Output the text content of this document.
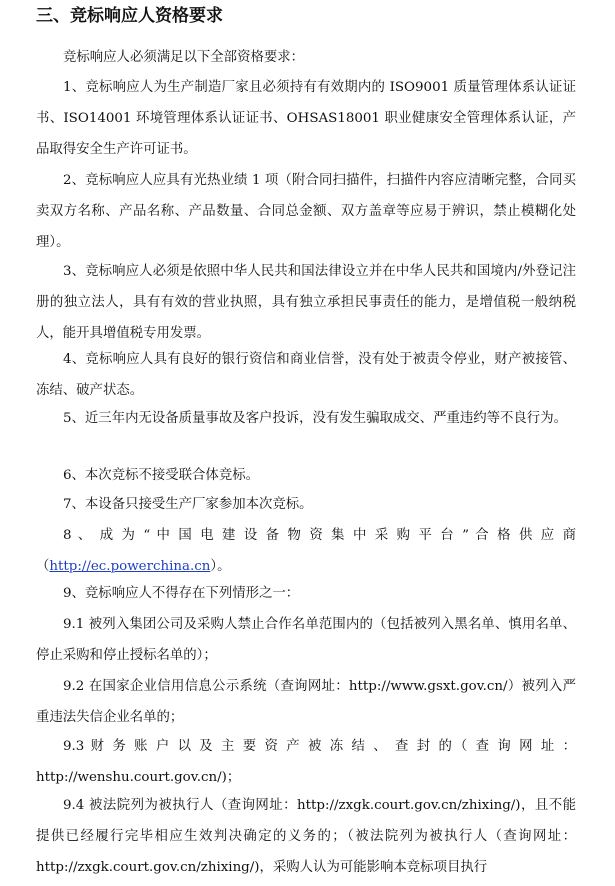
三、竞标响应人资格要求
竞标响应人必须满足以下全部资格要求：
1、竞标响应人为生产制造厂家且必须持有有效期内的 ISO9001 质量管理体系认证证书、ISO14001 环境管理体系认证证书、OHSAS18001 职业健康安全管理体系认证，产品取得安全生产许可证书。
2、竞标响应人应具有光热业绩 1 项（附合同扫描件，扫描件内容应清晰完整，合同买卖双方名称、产品名称、产品数量、合同总金额、双方盖章等应易于辨识，禁止模糊化处理）。
3、竞标响应人必须是依照中华人民共和国法律设立并在中华人民共和国境内/外登记注册的独立法人，具有有效的营业执照，具有独立承担民事责任的能力，是增值税一般纳税人，能开具增值税专用发票。
4、竞标响应人具有良好的银行资信和商业信誉，没有处于被责令停业，财产被接管、冻结、破产状态。
5、近三年内无设备质量事故及客户投诉，没有发生骗取成交、严重违约等不良行为。
6、本次竞标不接受联合体竞标。
7、本设备只接受生产厂家参加本次竞标。
8 、 成 为 “ 中 国 电 建 设 备 物 资 集 中 采 购 平 台 ” 合 格 供 应 商（http://ec.powerchina.cn）。
9、竞标响应人不得存在下列情形之一：
9.1 被列入集团公司及采购人禁止合作名单范围内的（包括被列入黑名单、慎用名单、停止采购和停止授标名单的）；
9.2 在国家企业信用信息公示系统（查询网址：http://www.gsxt.gov.cn/）被列入严重违法失信企业名单的；
9.3 财 务 账 户 以 及 主 要 资 产 被 冻 结 、 查 封 的（ 查 询 网 址 ： http://wenshu.court.gov.cn/)；
9.4 被法院列为被执行人（查询网址：http://zxgk.court.gov.cn/zhixing/)，且不能提供已经履行完毕相应生效判决确定的义务的；（被法院列为被执行人（查询网址：http://zxgk.court.gov.cn/zhixing/)，采购人认为可能影响本竞标项目执行
